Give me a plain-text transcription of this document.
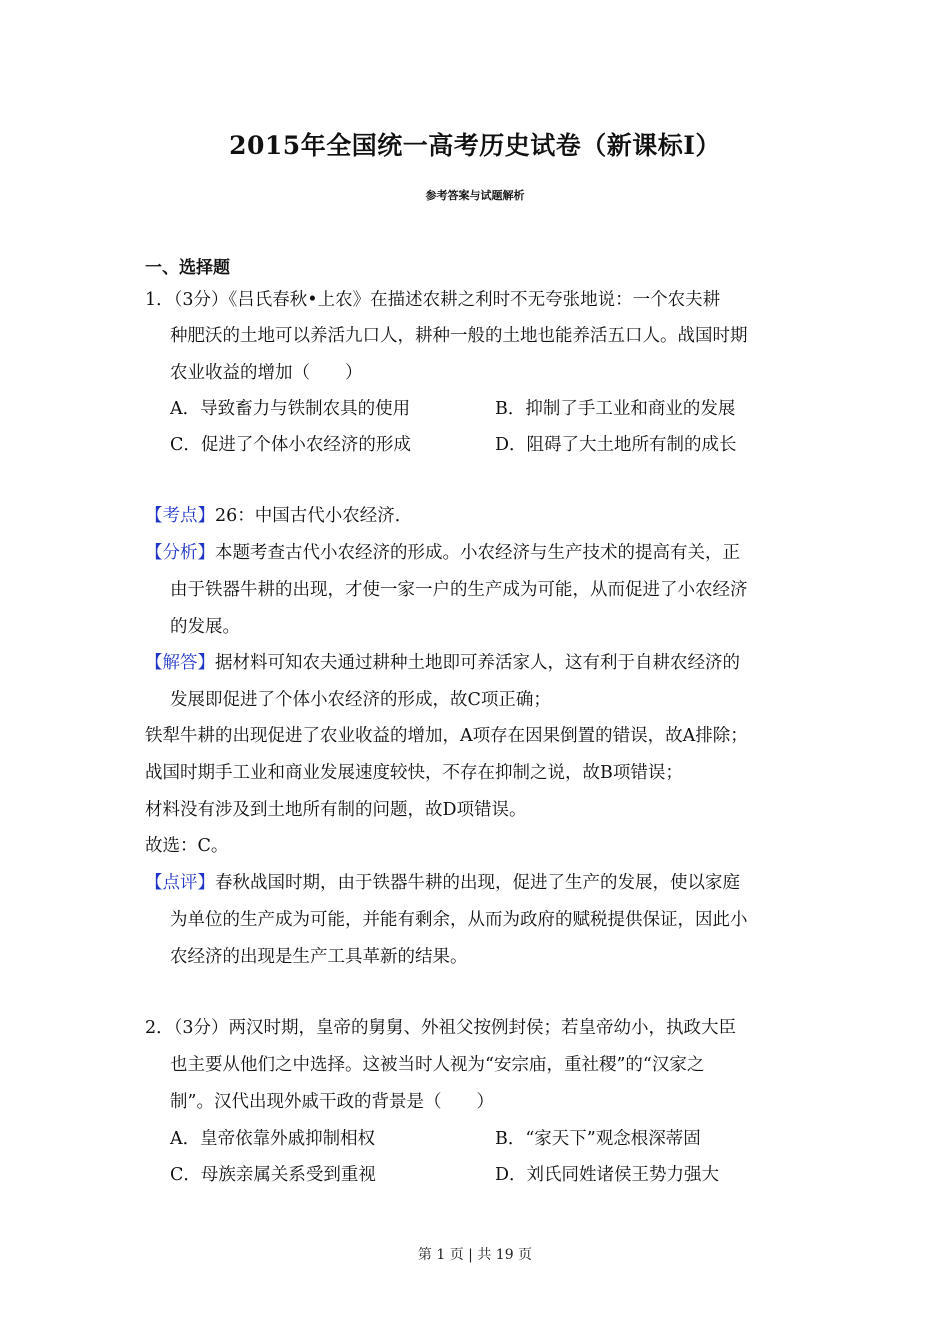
2015年全国统一高考历史试卷（新课标Ⅰ）
参考答案与试题解析
一、选择题
1．（3分）《吕氏春秋•上农》在描述农耕之利时不无夸张地说：一个农夫耕
种肥沃的土地可以养活九口人，耕种一般的土地也能养活五口人。战国时期
农业收益的增加（　　）
A．导致畜力与铁制农具的使用	B．抑制了手工业和商业的发展
C．促进了个体小农经济的形成	D．阻碍了大土地所有制的成长
【考点】26：中国古代小农经济．
【分析】本题考查古代小农经济的形成。小农经济与生产技术的提高有关，正
由于铁器牛耕的出现，才使一家一户的生产成为可能，从而促进了小农经济
的发展。
【解答】据材料可知农夫通过耕种土地即可养活家人，这有利于自耕农经济的
发展即促进了个体小农经济的形成，故C项正确；
铁犁牛耕的出现促进了农业收益的增加，A项存在因果倒置的错误，故A排除；
战国时期手工业和商业发展速度较快，不存在抑制之说，故B项错误；
材料没有涉及到土地所有制的问题，故D项错误。
故选：C。
【点评】春秋战国时期，由于铁器牛耕的出现，促进了生产的发展，使以家庭
为单位的生产成为可能，并能有剩余，从而为政府的赋税提供保证，因此小
农经济的出现是生产工具革新的结果。
2．（3分）两汉时期，皇帝的舅舅、外祖父按例封侯；若皇帝幼小，执政大臣
也主要从他们之中选择。这被当时人视为“安宗庙，重社稷”的“汉家之
制”。汉代出现外戚干政的背景是（　　）
A．皇帝依靠外戚抑制相权	B．“家天下”观念根深蒂固
C．母族亲属关系受到重视	D．刘氏同姓诸侯王势力强大
第 1 页 | 共 19 页
